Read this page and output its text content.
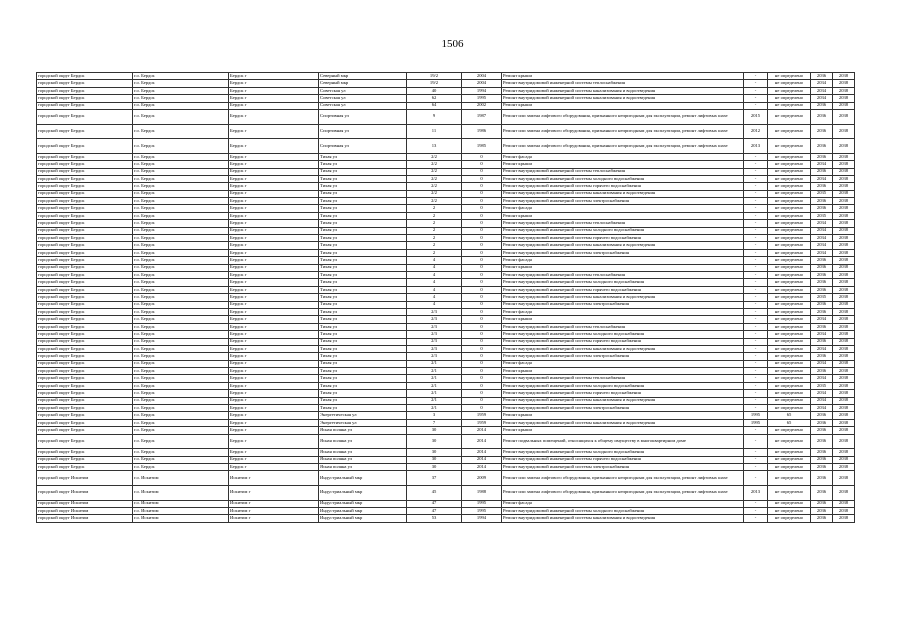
1506
городской округ Бердск	г.о. Бердск	Бердск г	Северный мкр	19/2	2004	Ремонт крыши	-	не определено	2036	2038
городской округ Бердск	г.о. Бердск	Бердск г	Северный мкр	19/2	2004	Ремонт внутридомовой инженерной системы теплоснабжения	-	не определено	2034	2038
городской округ Бердск	г.о. Бердск	Бердск г	Советская ул	40	1994	Ремонт внутридомовой инженерной системы канализования и водоотведения	-	не определено	2034	2038
городской округ Бердск	г.о. Бердск	Бердск г	Советская ул	62	1995	Ремонт внутридомовой инженерной системы канализования и водоотведения	-	не определено	2034	2038
городской округ Бердск	г.о. Бердск	Бердск г	Советская ул	64	2002	Ремонт крыши	-	не определено	2036	2038
городской округ Бердск	г.о. Бердск	Бердск г	Спортивная ул	9	1987	Ремонт или замена лифтового оборудования, признанного непригодным для эксплуатации, ремонт лифтовых шахт	2015	не определено	2036	2038
городской округ Бердск	г.о. Бердск	Бердск г	Спортивная ул	11	1986	Ремонт или замена лифтового оборудования, признанного непригодным для эксплуатации, ремонт лифтовых шахт	2012	не определено	2036	2038
городской округ Бердск	г.о. Бердск	Бердск г	Спортивная ул	13	1985	Ремонт или замена лифтового оборудования, признанного непригодным для эксплуатации, ремонт лифтовых шахт	2013	не определено	2036	2038
городской округ Бердск	г.о. Бердск	Бердск г	Тихая ул	2/2	0	Ремонт фасада	-	не определено	2036	2038
городской округ Бердск	г.о. Бердск	Бердск г	Тихая ул	2/2	0	Ремонт крыши	-	не определено	2034	2038
городской округ Бердск	г.о. Бердск	Бердск г	Тихая ул	2/2	0	Ремонт внутридомовой инженерной системы теплоснабжения	-	не определено	2036	2038
городской округ Бердск	г.о. Бердск	Бердск г	Тихая ул	2/2	0	Ремонт внутридомовой инженерной системы холодного водоснабжения	-	не определено	2034	2038
городской округ Бердск	г.о. Бердск	Бердск г	Тихая ул	2/2	0	Ремонт внутридомовой инженерной системы горячего водоснабжения	-	не определено	2036	2038
городской округ Бердск	г.о. Бердск	Бердск г	Тихая ул	2/2	0	Ремонт внутридомовой инженерной системы канализования и водоотведения	-	не определено	2035	2038
городской округ Бердск	г.о. Бердск	Бердск г	Тихая ул	2/2	0	Ремонт внутридомовой инженерной системы электроснабжения	-	не определено	2036	2038
городской округ Бердск	г.о. Бердск	Бердск г	Тихая ул	2	0	Ремонт фасада	-	не определено	2036	2038
городской округ Бердск	г.о. Бердск	Бердск г	Тихая ул	2	0	Ремонт крыши	-	не определено	2035	2038
городской округ Бердск	г.о. Бердск	Бердск г	Тихая ул	2	0	Ремонт внутридомовой инженерной системы теплоснабжения	-	не определено	2034	2038
городской округ Бердск	г.о. Бердск	Бердск г	Тихая ул	2	0	Ремонт внутридомовой инженерной системы холодного водоснабжения	-	не определено	2034	2038
городской округ Бердск	г.о. Бердск	Бердск г	Тихая ул	2	0	Ремонт внутридомовой инженерной системы горячего водоснабжения	-	не определено	2034	2038
городской округ Бердск	г.о. Бердск	Бердск г	Тихая ул	2	0	Ремонт внутридомовой инженерной системы канализования и водоотведения	-	не определено	2034	2038
городской округ Бердск	г.о. Бердск	Бердск г	Тихая ул	2	0	Ремонт внутридомовой инженерной системы электроснабжения	-	не определено	2034	2038
городской округ Бердск	г.о. Бердск	Бердск г	Тихая ул	4	0	Ремонт фасада	-	не определено	2036	2038
городской округ Бердск	г.о. Бердск	Бердск г	Тихая ул	4	0	Ремонт крыши	-	не определено	2036	2038
городской округ Бердск	г.о. Бердск	Бердск г	Тихая ул	4	0	Ремонт внутридомовой инженерной системы теплоснабжения	-	не определено	2036	2038
городской округ Бердск	г.о. Бердск	Бердск г	Тихая ул	4	0	Ремонт внутридомовой инженерной системы холодного водоснабжения	-	не определено	2036	2038
городской округ Бердск	г.о. Бердск	Бердск г	Тихая ул	4	0	Ремонт внутридомовой инженерной системы горячего водоснабжения	-	не определено	2036	2038
городской округ Бердск	г.о. Бердск	Бердск г	Тихая ул	4	0	Ремонт внутридомовой инженерной системы канализования и водоотведения	-	не определено	2035	2038
городской округ Бердск	г.о. Бердск	Бердск г	Тихая ул	4	0	Ремонт внутридомовой инженерной системы электроснабжения	-	не определено	2036	2038
городской округ Бердск	г.о. Бердск	Бердск г	Тихая ул	2/3	0	Ремонт фасада	-	не определено	2036	2038
городской округ Бердск	г.о. Бердск	Бердск г	Тихая ул	2/3	0	Ремонт крыши	-	не определено	2034	2038
городской округ Бердск	г.о. Бердск	Бердск г	Тихая ул	2/3	0	Ремонт внутридомовой инженерной системы теплоснабжения	-	не определено	2036	2038
городской округ Бердск	г.о. Бердск	Бердск г	Тихая ул	2/3	0	Ремонт внутридомовой инженерной системы холодного водоснабжения	-	не определено	2034	2038
городской округ Бердск	г.о. Бердск	Бердск г	Тихая ул	2/3	0	Ремонт внутридомовой инженерной системы горячего водоснабжения	-	не определено	2036	2038
городской округ Бердск	г.о. Бердск	Бердск г	Тихая ул	2/3	0	Ремонт внутридомовой инженерной системы канализования и водоотведения	-	не определено	2034	2038
городской округ Бердск	г.о. Бердск	Бердск г	Тихая ул	2/3	0	Ремонт внутридомовой инженерной системы электроснабжения	-	не определено	2036	2038
городской округ Бердск	г.о. Бердск	Бердск г	Тихая ул	2/1	0	Ремонт фасада	-	не определено	2034	2038
городской округ Бердск	г.о. Бердск	Бердск г	Тихая ул	2/1	0	Ремонт крыши	-	не определено	2036	2038
городской округ Бердск	г.о. Бердск	Бердск г	Тихая ул	2/1	0	Ремонт внутридомовой инженерной системы теплоснабжения	-	не определено	2034	2038
городской округ Бердск	г.о. Бердск	Бердск г	Тихая ул	2/1	0	Ремонт внутридомовой инженерной системы холодного водоснабжения	-	не определено	2035	2038
городской округ Бердск	г.о. Бердск	Бердск г	Тихая ул	2/1	0	Ремонт внутридомовой инженерной системы горячего водоснабжения	-	не определено	2034	2038
городской округ Бердск	г.о. Бердск	Бердск г	Тихая ул	2/1	0	Ремонт внутридомовой инженерной системы канализования и водоотведения	-	не определено	2034	2038
городской округ Бердск	г.о. Бердск	Бердск г	Тихая ул	2/1	0	Ремонт внутридомовой инженерной системы электроснабжения	-	не определено	2034	2038
городской округ Бердск	г.о. Бердск	Бердск г	Энергетическая ул	3	1959	Ремонт крыши	1995	65	2036	2038
городской округ Бердск	г.о. Бердск	Бердск г	Энергетическая ул	7	1959	Ремонт внутридомовой инженерной системы канализования и водоотведения	1995	65	2036	2038
городской округ Бердск	г.о. Бердск	Бердск г	Ясная поляна ул	30	2014	Ремонт крыши	-	не определено	2036	2038
городской округ Бердск	г.о. Бердск	Бердск г	Ясная поляна ул	30	2014	Ремонт подвальных помещений, относящихся к общему имуществу в многоквартирном доме	-	не определено	2036	2038
городской округ Бердск	г.о. Бердск	Бердск г	Ясная поляна ул	30	2014	Ремонт внутридомовой инженерной системы холодного водоснабжения	-	не определено	2036	2038
городской округ Бердск	г.о. Бердск	Бердск г	Ясная поляна ул	30	2014	Ремонт внутридомовой инженерной системы горячего водоснабжения	-	не определено	2036	2038
городской округ Бердск	г.о. Бердск	Бердск г	Ясная поляна ул	30	2014	Ремонт внутридомовой инженерной системы электроснабжения	-	не определено	2036	2038
городской округ Искитим	г.о. Искитим	Искитим г	Индустриальный мкр	37	2009	Ремонт или замена лифтового оборудования, признанного непригодным для эксплуатации, ремонт лифтовых шахт	-	не определено	2036	2038
городской округ Искитим	г.о. Искитим	Искитим г	Индустриальный мкр	45	1988	Ремонт или замена лифтового оборудования, признанного непригодным для эксплуатации, ремонт лифтовых шахт	2013	не определено	2036	2038
городской округ Искитим	г.о. Искитим	Искитим г	Индустриальный мкр	47	1995	Ремонт фасада	-	не определено	2036	2038
городской округ Искитим	г.о. Искитим	Искитим г	Индустриальный мкр	47	1995	Ремонт внутридомовой инженерной системы холодного водоснабжения	-	не определено	2036	2038
городской округ Искитим	г.о. Искитим	Искитим г	Индустриальный мкр	53	1994	Ремонт внутридомовой инженерной системы канализования и водоотведения	-	не определено	2036	2038
